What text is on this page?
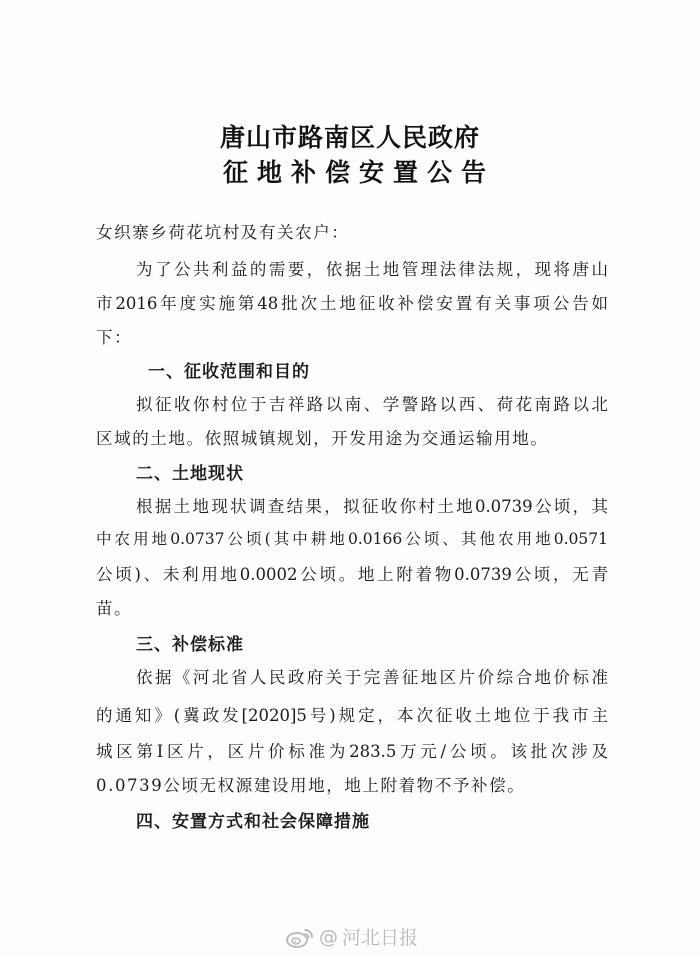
唐山市路南区人民政府
征地补偿安置公告
女织寨乡荷花坑村及有关农户：
为了公共利益的需要，依据土地管理法律法规，现将唐山
市2016年度实施第48批次土地征收补偿安置有关事项公告如
下：
一、征收范围和目的
拟征收你村位于吉祥路以南、学警路以西、荷花南路以北
区域的土地。依照城镇规划，开发用途为交通运输用地。
二、土地现状
根据土地现状调查结果，拟征收你村土地0.0739公顷，其
中农用地0.0737公顷(其中耕地0.0166公顷、其他农用地0.0571
公顷)、未利用地0.0002公顷。地上附着物0.0739公顷，无青
苗。
三、补偿标准
依据《河北省人民政府关于完善征地区片价综合地价标准
的通知》(冀政发[2020]5号)规定，本次征收土地位于我市主
城区第Ⅰ区片，区片价标准为283.5万元/公顷。该批次涉及
0.0739公顷无权源建设用地，地上附着物不予补偿。
四、安置方式和社会保障措施
@ 河北日报
